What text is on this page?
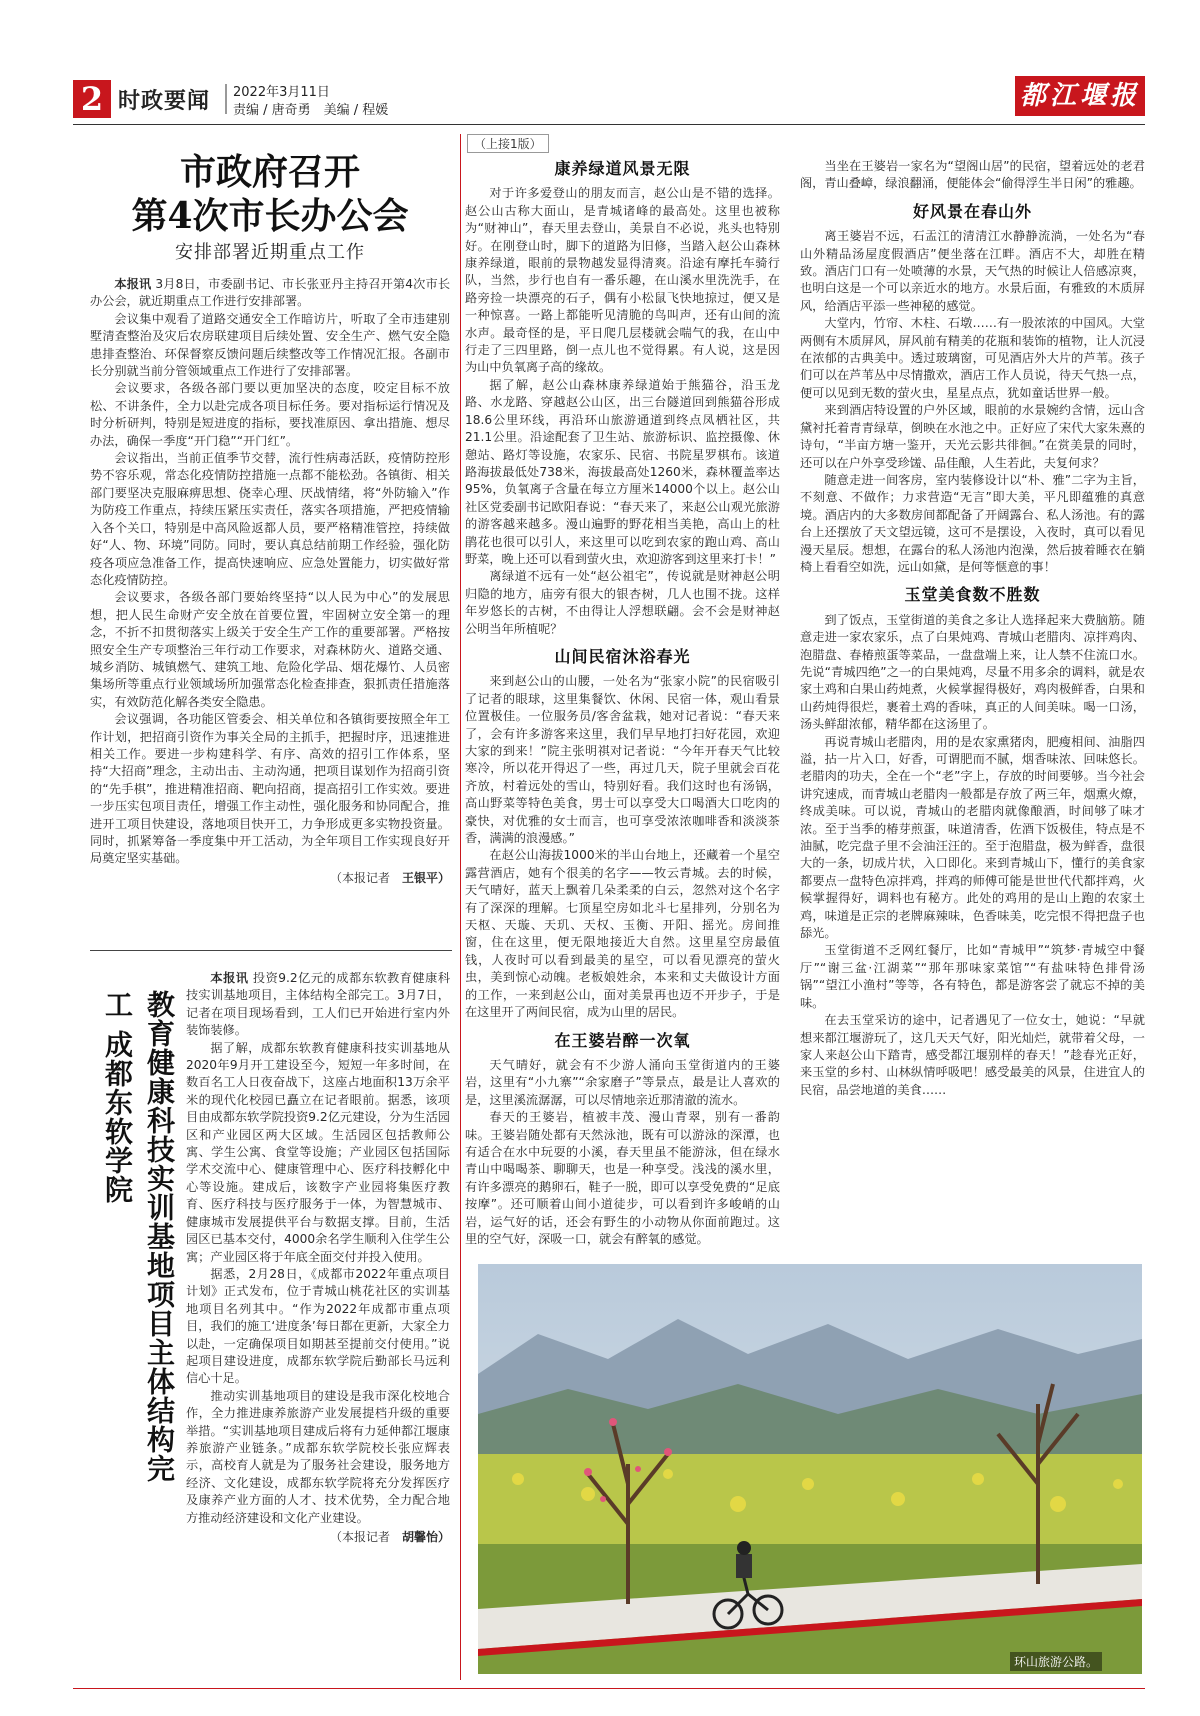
2 时政要闻 2022年3月11日
责编 / 唐奇勇　美编 / 程媛	都江堰报
市政府召开
第4次市长办公会
安排部署近期重点工作

本报讯 3月8日，市委副书记、市长张亚丹主持召开第4次市长办公会，就近期重点工作进行安排部署。

会议集中观看了道路交通安全工作暗访片，听取了全市违建别墅清查整治及灾后农房联建项目后续处置、安全生产、燃气安全隐患排查整治、环保督察反馈问题后续整改等工作情况汇报。各副市长分别就当前分管领域重点工作进行了安排部署。

会议要求，各级各部门要以更加坚决的态度，咬定目标不放松、不讲条件，全力以赴完成各项目标任务。要对指标运行情况及时分析研判，特别是短进度的指标，要找准原因、拿出措施、想尽办法，确保一季度“开门稳”“开门红”。

会议指出，当前正值季节交替，流行性病毒活跃，疫情防控形势不容乐观，常态化疫情防控措施一点都不能松劲。各镇街、相关部门要坚决克服麻痹思想、侥幸心理、厌战情绪，将“外防输入”作为防疫工作重点，持续压紧压实责任，落实各项措施，严把疫情输入各个关口，特别是中高风险返都人员，要严格精准管控，持续做好“人、物、环境”同防。同时，要认真总结前期工作经验，强化防疫各项应急准备工作，提高快速响应、应急处置能力，切实做好常态化疫情防控。

会议要求，各级各部门要始终坚持“以人民为中心”的发展思想，把人民生命财产安全放在首要位置，牢固树立安全第一的理念，不折不扣贯彻落实上级关于安全生产工作的重要部署。严格按照安全生产专项整治三年行动工作要求，对森林防火、道路交通、城乡消防、城镇燃气、建筑工地、危险化学品、烟花爆竹、人员密集场所等重点行业领域场所加强常态化检查排查，狠抓责任措施落实，有效防范化解各类安全隐患。

会议强调，各功能区管委会、相关单位和各镇街要按照全年工作计划，把招商引资作为事关全局的主抓手，把握时序，迅速推进相关工作。要进一步构建科学、有序、高效的招引工作体系，坚持“大招商”理念，主动出击、主动沟通，把项目谋划作为招商引资的“先手棋”，推进精准招商、靶向招商，提高招引工作实效。要进一步压实包项目责任，增强工作主动性，强化服务和协同配合，推进开工项目快建设，落地项目快开工，力争形成更多实物投资量。同时，抓紧筹备一季度集中开工活动，为全年项目工作实现良好开局奠定坚实基础。

（本报记者　 王银平）
教育健康科技实训基地项目主体结构完工 成都东软学院

本报讯 投资9.2亿元的成都东软教育健康科技实训基地项目，主体结构全部完工。3月7日，记者在项目现场看到，工人们已开始进行室内外装饰装修。

据了解，成都东软教育健康科技实训基地从2020年9月开工建设至今，短短一年多时间，在数百名工人日夜奋战下，这座占地面积13万余平米的现代化校园已矗立在记者眼前。据悉，该项目由成都东软学院投资9.2亿元建设，分为生活园区和产业园区两大区域。生活园区包括教师公寓、学生公寓、食堂等设施；产业园区包括国际学术交流中心、健康管理中心、医疗科技孵化中心等设施。建成后，该数字产业园将集医疗教育、医疗科技与医疗服务于一体，为智慧城市、健康城市发展提供平台与数据支撑。目前，生活园区已基本交付，4000余名学生顺利入住学生公寓；产业园区将于年底全面交付并投入使用。

据悉，2月28日，《成都市2022年重点项目计划》正式发布，位于青城山桃花社区的实训基地项目名列其中。“作为2022年成都市重点项目，我们的施工‘进度条’每日都在更新，大家全力以赴，一定确保项目如期甚至提前交付使用。”说起项目建设进度，成都东软学院后勤部长马远利信心十足。

推动实训基地项目的建设是我市深化校地合作，全力推进康养旅游产业发展提档升级的重要举措。“实训基地项目建成后将有力延伸都江堰康养旅游产业链条。”成都东软学院校长张应辉表示，高校育人就是为了服务社会建设，服务地方经济、文化建设，成都东软学院将充分发挥医疗及康养产业方面的人才、技术优势，全力配合地方推动经济建设和文化产业建设。

（本报记者　 胡馨怡）
（上接1版）
康养绿道风景无限

对于许多爱登山的朋友而言，赵公山是不错的选择。赵公山古称大面山，是青城诸峰的最高处。这里也被称为“财神山”，春天里去登山，美景自不必说，兆头也特别好。在刚登山时，脚下的道路为旧修，当踏入赵公山森林康养绿道，眼前的景物越发显得清爽。沿途有摩托车骑行队，当然，步行也自有一番乐趣，在山溪水里洗洗手，在路旁捡一块漂亮的石子，偶有小松鼠飞快地掠过，便又是一种惊喜。一路上都能听见清脆的鸟叫声，还有山间的流水声。最奇怪的是，平日爬几层楼就会喘气的我，在山中行走了三四里路，倒一点儿也不觉得累。有人说，这是因为山中负氧离子高的缘故。

据了解，赵公山森林康养绿道始于熊猫谷，沿玉龙路、水龙路、穿越赵公山区，出三台隧道回到熊猫谷形成18.6公里环线，再沿环山旅游通道到终点凤栖社区，共21.1公里。沿途配套了卫生站、旅游标识、监控摄像、休憩站、路灯等设施，农家乐、民宿、书院星罗棋布。该道路海拔最低处738米，海拔最高处1260米，森林覆盖率达95%，负氧离子含量在每立方厘米14000个以上。赵公山社区党委副书记欧阳春说：“春天来了，来赵公山观光旅游的游客越来越多。漫山遍野的野花相当美艳，高山上的杜鹃花也很可以引人，来这里可以吃到农家的跑山鸡、高山野菜，晚上还可以看到萤火虫，欢迎游客到这里来打卡！”

离绿道不远有一处“赵公祖宅”，传说就是财神赵公明归隐的地方，庙旁有很大的银杏树，几人也围不拢。这样年岁悠长的古树，不由得让人浮想联翩。会不会是财神赵公明当年所植呢？

山间民宿沐浴春光

来到赵公山的山腰，一处名为“张家小院”的民宿吸引了记者的眼球，这里集餐饮、休闲、民宿一体，观山看景位置极佳。一位服务员/客舍盆栽，她对记者说：“春天来了，会有许多游客来这里，我们早早地打扫好花园，欢迎大家的到来！”院主张明祺对记者说：“今年开春天气比较寒冷，所以花开得迟了一些，再过几天，院子里就会百花齐放，村着远处的雪山，特别好看。我们这时也有汤锅，高山野菜等特色美食，男士可以享受大口喝酒大口吃肉的豪快，对优雅的女士而言，也可享受浓浓咖啡香和淡淡茶香，满满的浪漫感。”

在赵公山海拔1000米的半山台地上，还藏着一个星空露营酒店，她有个很美的名字——牧云青城。去的时候，天气晴好，蓝天上飘着几朵柔柔的白云，忽然对这个名字有了深深的理解。七顶星空房如北斗七星排列，分别名为天枢、天璇、天玑、天权、玉衡、开阳、摇光。房间推窗，住在这里，便无限地接近大自然。这里星空房最值钱，人夜时可以看到最美的星空，可以看见漂亮的萤火虫，美到惊心动魄。老板娘姓余，本来和丈夫做设计方面的工作，一来到赵公山，面对美景再也迈不开步子，于是在这里开了两间民宿，成为山里的居民。

在王婆岩醉一次氧

天气晴好，就会有不少游人涌向玉堂街道内的王婆岩，这里有“小九寨”“余家磨子”等景点，最是让人喜欢的是，这里溪流潺潺，可以尽情地亲近那清澈的流水。

春天的王婆岩，植被丰茂、漫山青翠，别有一番韵味。王婆岩随处都有天然泳池，既有可以游泳的深潭，也有适合在水中玩耍的小溪，春天里虽不能游泳，但在绿水青山中喝喝茶、聊聊天，也是一种享受。浅浅的溪水里，有许多漂亮的鹅卵石，鞋子一脱，即可以享受免费的“足底按摩”。还可顺着山间小道徒步，可以看到许多峻峭的山岩，运气好的话，还会有野生的小动物从你面前跑过。这里的空气好，深吸一口，就会有醉氧的感觉。

当坐在王婆岩一家名为“望阁山居”的民宿，望着远处的老君阁，青山叠嶂，绿浪翻涌，便能体会“偷得浮生半日闲”的雅趣。

好风景在春山外

离王婆岩不远，石盂江的清清江水静静流淌，一处名为“春山外精品汤屋度假酒店”便坐落在江畔。酒店不大，却胜在精致。酒店门口有一处喷薄的水景，天气热的时候让人倍感凉爽，也明白这是一个可以亲近水的地方。水景后面，有雅致的木质屏风，给酒店平添一些神秘的感觉。

大堂内，竹帘、木柱、石墩……有一股浓浓的中国风。大堂两侧有木质屏风，屏风前有精美的花瓶和装饰的植物，让人沉浸在浓郁的古典美中。透过玻璃窗，可见酒店外大片的芦苇。孩子们可以在芦苇丛中尽情撒欢，酒店工作人员说，待天气热一点，便可以见到无数的萤火虫，星星点点，犹如童话世界一般。

来到酒店特设置的户外区域，眼前的水景婉约含情，远山含黛衬托着青青绿草，倒映在水池之中。正好应了宋代大家朱熹的诗句，“半亩方塘一鉴开，天光云影共徘徊。”在赏美景的同时，还可以在户外享受珍馐、品佳酿，人生若此，夫复何求？

随意走进一间客房，室内装修设计以“朴、雅”二字为主旨，不刻意、不做作；力求营造“无言”即大美，平凡即蕴雅的真意境。酒店内的大多数房间都配备了开阔露台、私人汤池。有的露台上还摆放了天文望远镜，这可不是摆设，入夜时，真可以看见漫天星辰。想想，在露台的私人汤池内泡澡，然后披着睡衣在躺椅上看看空如洗，远山如黛，是何等惬意的事！

玉堂美食数不胜数

到了饭点，玉堂街道的美食之多让人选择起来大费脑筋。随意走进一家农家乐，点了白果炖鸡、青城山老腊肉、凉拌鸡肉、泡腊盘、春椿煎蛋等菜品，一盘盘端上来，让人禁不住流口水。先说“青城四绝”之一的白果炖鸡，尽量不用多余的调料，就是农家土鸡和白果山药炖煮，火候掌握得极好，鸡肉极鲜香，白果和山药炖得很烂，裹着土鸡的香味，真正的人间美味。喝一口汤，汤头鲜甜浓郁，精华都在这汤里了。

再说青城山老腊肉，用的是农家熏猪肉，肥瘦相间、油脂四溢，拈一片入口，好香，可谓肥而不腻，烟香味浓、回味悠长。老腊肉的功夫，全在一个“老”字上，存放的时间要够。当今社会讲究速成，而青城山老腊肉一般都是存放了两三年，烟熏火燎，终成美味。可以说，青城山的老腊肉就像酿酒，时间够了味才浓。至于当季的椿芽煎蛋，味道清香，佐酒下饭极佳，特点是不油腻，吃完盘子里不会油汪汪的。至于泡腊盘，极为鲜香，盘很大的一条，切成片状，入口即化。来到青城山下，懂行的美食家都要点一盘特色凉拌鸡，拌鸡的师傅可能是世世代代都拌鸡，火候掌握得好，调料也有秘方。此处的鸡用的是山上跑的农家土鸡，味道是正宗的老牌麻辣味，色香味美，吃完恨不得把盘子也舔光。

玉堂街道不乏网红餐厅，比如“青城甲”“筑梦·青城空中餐厅”“谢三盆·江湖菜”“那年那味家菜馆”“有盐味特色排骨汤锅”“望江小渔村”等等，各有特色，都是游客尝了就忘不掉的美味。

在去玉堂采访的途中，记者遇见了一位女士，她说：“早就想来都江堰游玩了，这几天天气好，阳光灿烂，就带着父母，一家人来赵公山下踏青，感受都江堰别样的春天！”趁春光正好，来玉堂的乡村、山林纵情呼吸吧！感受最美的风景，住进宜人的民宿，品尝地道的美食……

环山旅游公路。
